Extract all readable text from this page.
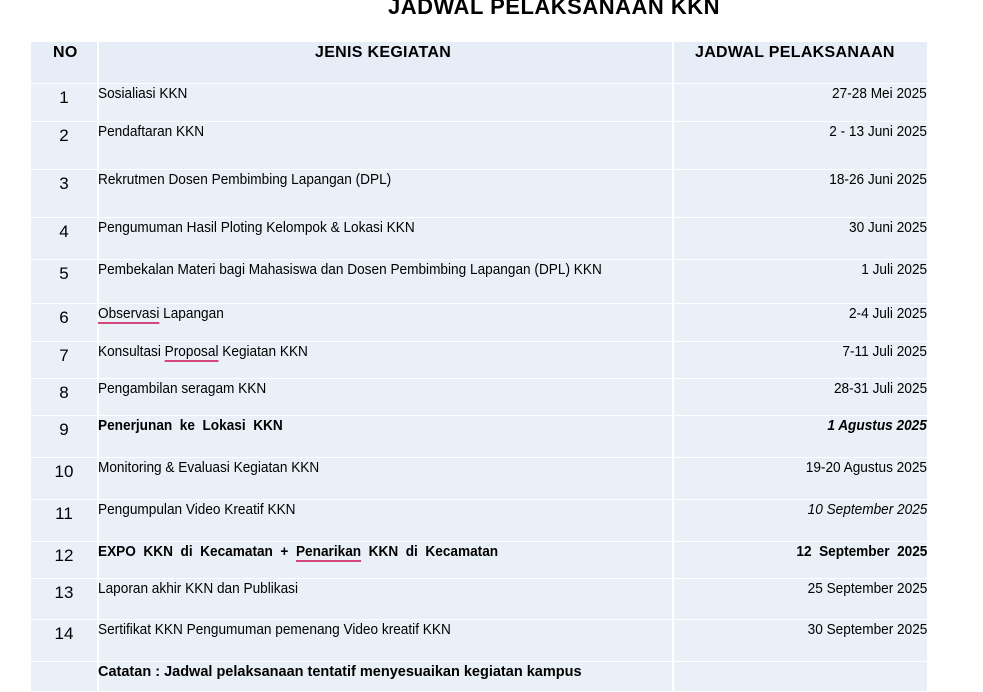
JADWAL PELAKSANAAN KKN
NO	JENIS KEGIATAN	JADWAL PELAKSANAAN
1	Sosialiasi KKN	27-28 Mei 2025
2	Pendaftaran KKN	2 - 13 Juni 2025
3	Rekrutmen Dosen Pembimbing Lapangan (DPL)	18-26 Juni 2025
4	Pengumuman Hasil Ploting Kelompok & Lokasi KKN	30 Juni 2025
5	Pembekalan Materi bagi Mahasiswa dan Dosen Pembimbing Lapangan (DPL) KKN	1 Juli 2025
6	Observasi Lapangan	2-4 Juli 2025
7	Konsultasi Proposal Kegiatan KKN	7-11 Juli 2025
8	Pengambilan seragam KKN	28-31 Juli 2025
9	Penerjunan ke Lokasi KKN	1 Agustus 2025
10	Monitoring & Evaluasi Kegiatan KKN	19-20 Agustus 2025
11	Pengumpulan Video Kreatif KKN	10 September 2025
12	EXPO KKN di Kecamatan + Penarikan KKN di Kecamatan	12 September 2025
13	Laporan akhir KKN dan Publikasi	25 September 2025
14	Sertifikat KKN Pengumuman pemenang Video kreatif KKN	30 September 2025
Catatan : Jadwal pelaksanaan tentatif menyesuaikan kegiatan kampus
